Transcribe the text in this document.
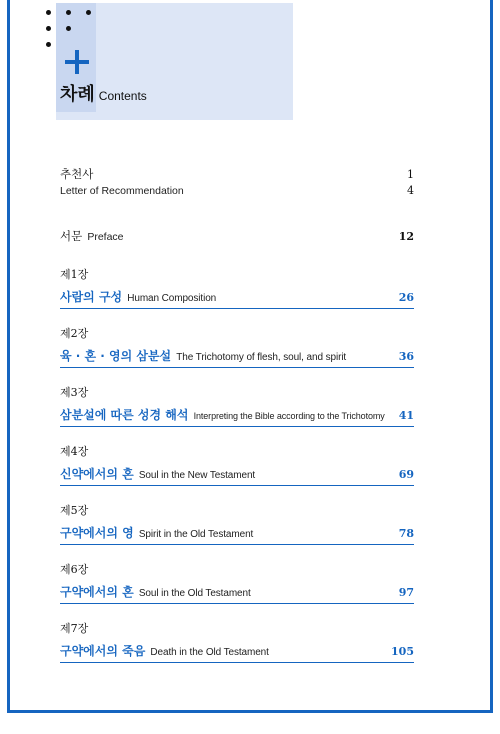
차례 Contents
추천사	1
Letter of Recommendation	4
서문 Preface	12
제1장
사람의 구성 Human Composition	26
제2장
육 · 혼 · 영의 삼분설 The Trichotomy of flesh, soul, and spirit	36
제3장
삼분설에 따른 성경 해석 Interpreting the Bible according to the Trichotomy 41
제4장
신약에서의 혼 Soul in the New Testament	69
제5장
구약에서의 영 Spirit in the Old Testament	78
제6장
구약에서의 혼 Soul in the Old Testament	97
제7장
구약에서의 죽음 Death in the Old Testament	105
